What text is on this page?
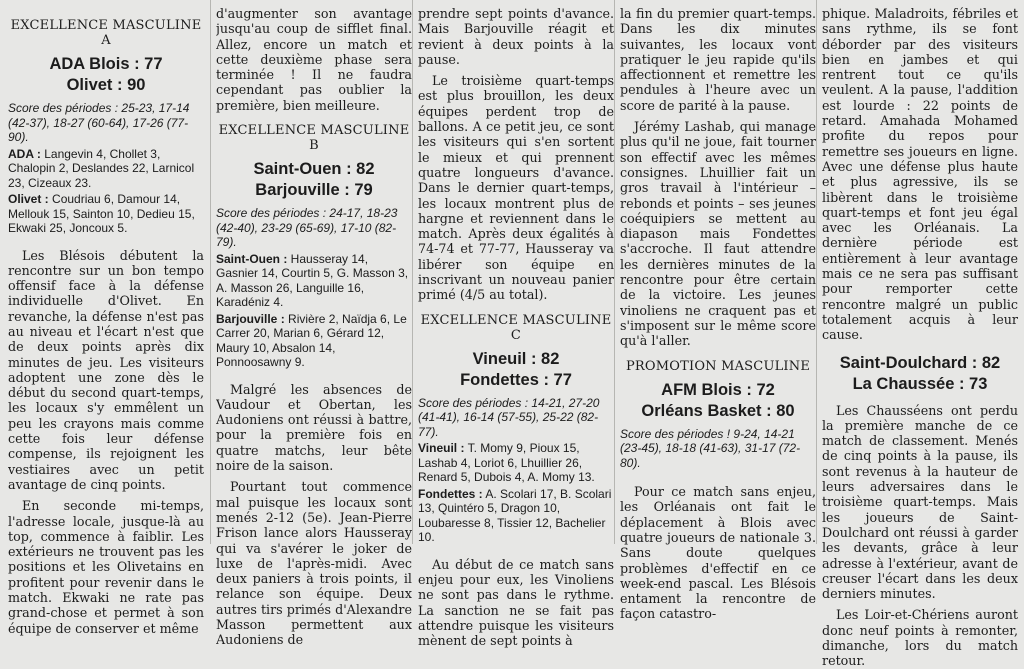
EXCELLENCE MASCULINE A
ADA Blois : 77
Olivet : 90
Score des périodes : 25-23, 17-14 (42-37), 18-27 (60-64), 17-26 (77-90).
ADA : Langevin 4, Chollet 3, Chalopin 2, Deslandes 22, Larnicol 23, Cizeaux 23.
Olivet : Coudriau 6, Damour 14, Mellouk 15, Sainton 10, Dedieu 15, Ekwaki 25, Joncoux 5.
Les Blésois débutent la rencontre sur un bon tempo offensif face à la défense individuelle d'Olivet. En revanche, la défense n'est pas au niveau et l'écart n'est que de deux points après dix minutes de jeu. Les visiteurs adoptent une zone dès le début du second quart-temps, les locaux s'y emmêlent un peu les crayons mais comme cette fois leur défense compense, ils rejoignent les vestiaires avec un petit avantage de cinq points.
En seconde mi-temps, l'adresse locale, jusque-là au top, commence à faiblir. Les extérieurs ne trouvent pas les positions et les Olivetains en profitent pour revenir dans le match. Ekwaki ne rate pas grand-chose et permet à son équipe de conserver et même
d'augmenter son avantage jusqu'au coup de sifflet final. Allez, encore un match et cette deuxième phase sera terminée ! Il ne faudra cependant pas oublier la première, bien meilleure.
EXCELLENCE MASCULINE B
Saint-Ouen : 82
Barjouville : 79
Score des périodes : 24-17, 18-23 (42-40), 23-29 (65-69), 17-10 (82-79).
Saint-Ouen : Hausseray 14, Gasnier 14, Courtin 5, G. Masson 3, A. Masson 26, Languille 16, Karadéniz 4.
Barjouville : Rivière 2, Naïdja 6, Le Carrer 20, Marian 6, Gérard 12, Maury 10, Absalon 14, Ponnoosawny 9.
Malgré les absences de Vaudour et Obertan, les Audoniens ont réussi à battre, pour la première fois en quatre matchs, leur bête noire de la saison.
Pourtant tout commence mal puisque les locaux sont menés 2-12 (5e). Jean-Pierre Frison lance alors Hausseray qui va s'avérer le joker de luxe de l'après-midi. Avec deux paniers à trois points, il relance son équipe. Deux autres tirs primés d'Alexandre Masson permettent aux Audoniens de
prendre sept points d'avance. Mais Barjouville réagit et revient à deux points à la pause.
Le troisième quart-temps est plus brouillon, les deux équipes perdent trop de ballons. A ce petit jeu, ce sont les visiteurs qui s'en sortent le mieux et qui prennent quatre longueurs d'avance. Dans le dernier quart-temps, les locaux montrent plus de hargne et reviennent dans le match. Après deux égalités à 74-74 et 77-77, Hausseray va libérer son équipe en inscrivant un nouveau panier primé (4/5 au total).
EXCELLENCE MASCULINE C
Vineuil : 82
Fondettes : 77
Score des périodes : 14-21, 27-20 (41-41), 16-14 (57-55), 25-22 (82-77).
Vineuil : T. Momy 9, Pioux 15, Lashab 4, Loriot 6, Lhuillier 26, Renard 5, Dubois 4, A. Momy 13.
Fondettes : A. Scolari 17, B. Scolari 13, Quintéro 5, Dragon 10, Loubaresse 8, Tissier 12, Bachelier 10.
Au début de ce match sans enjeu pour eux, les Vinoliens ne sont pas dans le rythme. La sanction ne se fait pas attendre puisque les visiteurs mènent de sept points à
la fin du premier quart-temps. Dans les dix minutes suivantes, les locaux vont pratiquer le jeu rapide qu'ils affectionnent et remettre les pendules à l'heure avec un score de parité à la pause.
Jérémy Lashab, qui manage plus qu'il ne joue, fait tourner son effectif avec les mêmes consignes. Lhuillier fait un gros travail à l'intérieur – rebonds et points – ses jeunes coéquipiers se mettent au diapason mais Fondettes s'accroche. Il faut attendre les dernières minutes de la rencontre pour être certain de la victoire. Les jeunes vinoliens ne craquent pas et s'imposent sur le même score qu'à l'aller.
PROMOTION MASCULINE
AFM Blois : 72
Orléans Basket : 80
Score des périodes ! 9-24, 14-21 (23-45), 18-18 (41-63), 31-17 (72-80).
Pour ce match sans enjeu, les Orléanais ont fait le déplacement à Blois avec quatre joueurs de nationale 3. Sans doute quelques problèmes d'effectif en ce week-end pascal. Les Blésois entament la rencontre de façon catastro-
phique. Maladroits, fébriles et sans rythme, ils se font déborder par des visiteurs bien en jambes et qui rentrent tout ce qu'ils veulent. A la pause, l'addition est lourde : 22 points de retard. Amahada Mohamed profite du repos pour remettre ses joueurs en ligne. Avec une défense plus haute et plus agressive, ils se libèrent dans le troisième quart-temps et font jeu égal avec les Orléanais. La dernière période est entièrement à leur avantage mais ce ne sera pas suffisant pour remporter cette rencontre malgré un public totalement acquis à leur cause.
Saint-Doulchard : 82
La Chaussée : 73
Les Chausséens ont perdu la première manche de ce match de classement. Menés de cinq points à la pause, ils sont revenus à la hauteur de leurs adversaires dans le troisième quart-temps. Mais les joueurs de Saint-Doulchard ont réussi à garder les devants, grâce à leur adresse à l'extérieur, avant de creuser l'écart dans les deux derniers minutes.
Les Loir-et-Chériens auront donc neuf points à remonter, dimanche, lors du match retour.
